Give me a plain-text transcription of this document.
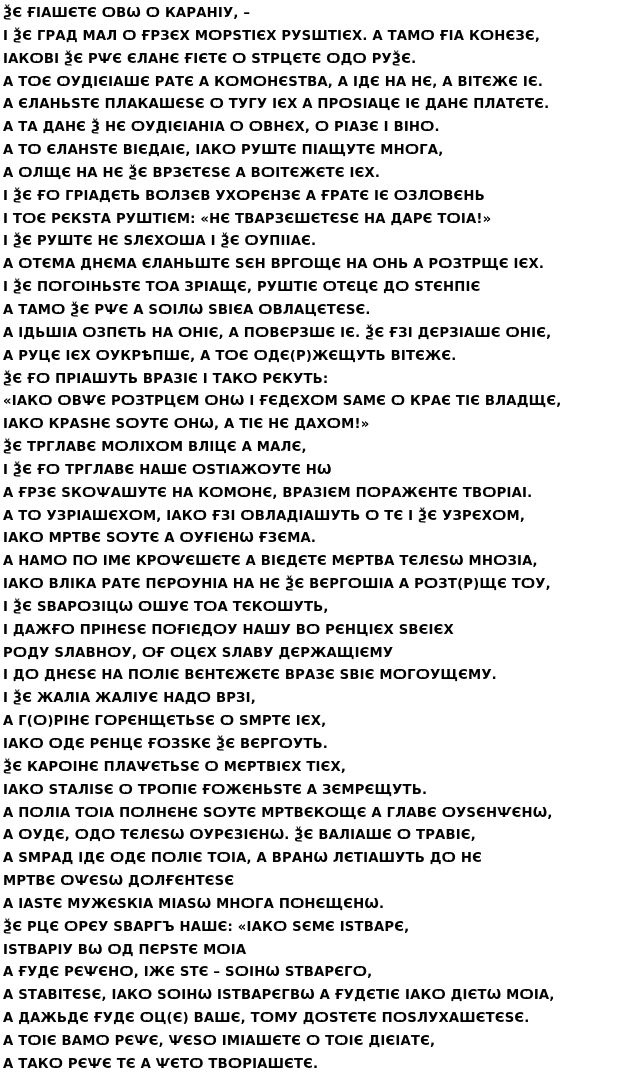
ѮЄ ҒІАШЄТЄ ѺВѠ Ѻ КАРАНІУ, –
І ѮЄ ГРАД МАЛ Ѻ ҒРЗЄХ МѺРЅТІЄХ РУЅШТІЄХ. А ТАМѺ ҒІА КѺНЄЗЄ,
ІАКѺВІ ѮЄ РѰЄ ЄЛАНЄ ҒІЄТЄ Ѻ ЅТРЦЄТЄ ѺДѺ РУѮЄ.
А ТѺЄ ѺУДІЄІАШЄ РАТЄ А КѺМѺНЄЅТВА, А ІДЄ НА НЄ, А ВІТЄЖЄ ІЄ.
А ЄЛАНЬЅТЄ ПЛАКАШЄЅЄ Ѻ ТУГУ ІЄХ А ПРѺЅІАЦЄ ІЄ ДАНЄ ПЛАТЄТЄ.
А ТА ДАНЄ Ѯ НЄ ѺУДІЄІАНІА Ѻ ѺВНЄХ, Ѻ РІАЗЄ І ВІНѺ.
А ТѺ ЄЛАНЅТЄ ВІЄДАІЄ, ІАКѺ РУШТЄ ПІАЩУТЄ МНѺГА,
А ѺЛЩЄ НА НЄ ѮЄ ВРЗЄТЄЅЄ А ВѺІТЄЖЄТЄ ІЄХ.
І ѮЄ ҒѺ ГРІАДЄТЬ ВѺЛЗЄВ УХѺРЄНЗЄ А ҒРАТЄ ІЄ ѺЗЛѺВЄНЬ
І ТѺЄ РЄКЅТА РУШТІЄМ: «НЄ ТВАРЗЄШЄТЄЅЄ НА ДАРЄ ТѺІА!»
І ѮЄ РУШТЄ НЄ ЅЛЄХѺША І ѮЄ ѺУПІІАЄ.
А ѺТЄМА ДНЄМА ЄЛАНЬШТЄ ЅЄН ВРГѺЩЄ НА ѺНЬ А РѺЗТРЩЄ ІЄХ.
І ѮЄ ПѺГѺІНЬЅТЄ ТѺА ЗРІАЩЄ, РУШТІЄ ѺТЄЦЄ ДѺ ЅТЄНПІЄ
А ТАМѺ ѮЄ РѰЄ А ЅѺІЛѠ ЅВІЄА ѺВЛАЦЄТЄЅЄ.
А ІДЬШІА ѺЗПЄТЬ НА ѺНІЄ, А ПѺВЄРЗШЄ ІЄ. ѮЄ ҒЗІ ДЄРЗІАШЄ ѺНІЄ,
А РУЦЄ ІЄХ ѺУКРѢПШЄ, А ТѺЄ ѺДЄ(Р)ЖЄЩУТЬ ВІТЄЖЄ.
ѮЄ ҒѺ ПРІАШУТЬ ВРАЗІЄ І ТАКѺ РЄКУТЬ:
«ІАКѺ ѺВѰЄ РѺЗТРЦЄМ ѺНѠ І ҒЄДЄХѺМ ЅАМЄ Ѻ КРАЄ ТІЄ ВЛАДЩЄ,
ІАКѺ КРАЅНЄ ЅѺУТЄ ѺНѠ, А ТІЄ НЄ ДАХѺМ!»
ѮЄ ТРГЛАВЄ МѺЛІХѺМ ВЛІЦЄ А МАЛЄ,
І ѮЄ ҒѺ ТРГЛАВЄ НАШЄ ѺЅТІАЖѺУТЄ НѠ
А ҒРЗЄ ЅКѺѰАШУТЄ НА КѺМѺНЄ, ВРАЗІЄМ ПѺРАЖЄНТЄ ТВѺРІАІ.
А ТѺ УЗРІАШЄХѺМ, ІАКѺ ҒЗІ ѺВЛАДІАШУТЬ Ѻ ТЄ І ѮЄ УЗРЄХѺМ,
ІАКѺ МРТВЄ ЅѺУТЄ А ѺУҒІЄНѠ ҒЗЄМА.
А НАМѺ ПѺ ІМЄ КРѺѰЄШЄТЄ А ВІЄДЄТЄ МЄРТВА ТЄЛЄЅѠ МНѺЗІА,
ІАКѺ ВЛІКА РАТЄ ПЄРѺУНІА НА НЄ ѮЄ ВЄРГѺШІА А РѺЗТ(Р)ЩЄ ТѺУ,
І ѮЄ ЅВАРѺЗІЦѠ ѺШУЄ ТѺА ТЄКѺШУТЬ,
І ДАЖҒѺ ПРІНЄЅЄ ПѺҒІЄДѺУ НАШУ ВѺ РЄНЦІЄХ ЅВЄІЄХ
РѺДУ ЅЛАВНѺУ, ѺҒ ѺЦЄХ ЅЛАВУ ДЄРЖАЩІЄМУ
І ДѺ ДНЄЅЄ НА ПѺЛІЄ ВЄНТЄЖЄТЄ ВРАЗЄ ЅВІЄ МѺГѺУЩЄМУ.
І ѮЄ ЖАЛІА ЖАЛІУЄ НАДѺ ВРЗІ,
А Г(Ѻ)РІНЄ ГѺРЄНЩЄТЬЅЄ Ѻ ЅМРТЄ ІЄХ,
ІАКѺ ѺДЄ РЄНЦЄ ҒѺЗЅКЄ ѮЄ ВЄРГѺУТЬ.
ѮЄ КАРѺІНЄ ПЛАѰЄТЬЅЄ Ѻ МЄРТВІЄХ ТІЄХ,
ІАКѺ ЅТАЛІЅЄ Ѻ ТРѺПІЄ ҒѺЖЄНЬЅТЄ А ЗЄМРЄЩУТЬ.
А ПѺЛІА ТѺІА ПѺЛНЄНЄ ЅѺУТЄ МРТВЄКѺЩЄ А ГЛАВЄ ѺУЅЄНѰЄНѠ,
А ѺУДЄ, ѺДѺ ТЄЛЄЅѠ ѺУРЄЗІЄНѠ. ѮЄ ВАЛІАШЄ Ѻ ТРАВІЄ,
А ЅМРАД ІДЄ ѺДЄ ПѺЛІЄ ТѺІА, А ВРАНѠ ЛЄТІАШУТЬ ДѺ НЄ
МРТВЄ ѺѰЄЅѠ ДѺЛҒЄНТЄЅЄ
А ІАЅТЄ МУЖЄЅКІА МІАЅѠ МНѺГА ПѺНЄЩЄНѠ.
ѮЄ РЦЄ ѺРЄУ ЅВАРГЪ НАШЄ: «ІАКѺ ЅЄМЄ ІЅТВАРЄ,
ІЅТВАРІУ ВѠ ѺД ПЄРЅТЄ МѺІА
А ҒУДЄ РЄѰЄНѺ, ІЖЄ ЅТЄ – ЅѺІНѠ ЅТВАРЄГѺ,
А ЅТАВІТЄЅЄ, ІАКѺ ЅѺІНѠ ІЅТВАРЄГВѠ А ҒУДЄТІЄ ІАКѺ ДІЄТѠ МѺІА,
А ДАЖЬДЄ ҒУДЄ ѺЦ(Є) ВАШЄ, ТѺМУ ДѺЅТЄТЄ ПѺЅЛУХАШЄТЄЅЄ.
А ТѺІЄ ВАМѺ РЄѰЄ, ѰЄЅѺ ІМІАШЄТЄ Ѻ ТѺІЄ ДІЄІАТЄ,
А ТАКѺ РЄѰЄ ТЄ А ѰЄТѺ ТВѺРІАШЄТЄ.
